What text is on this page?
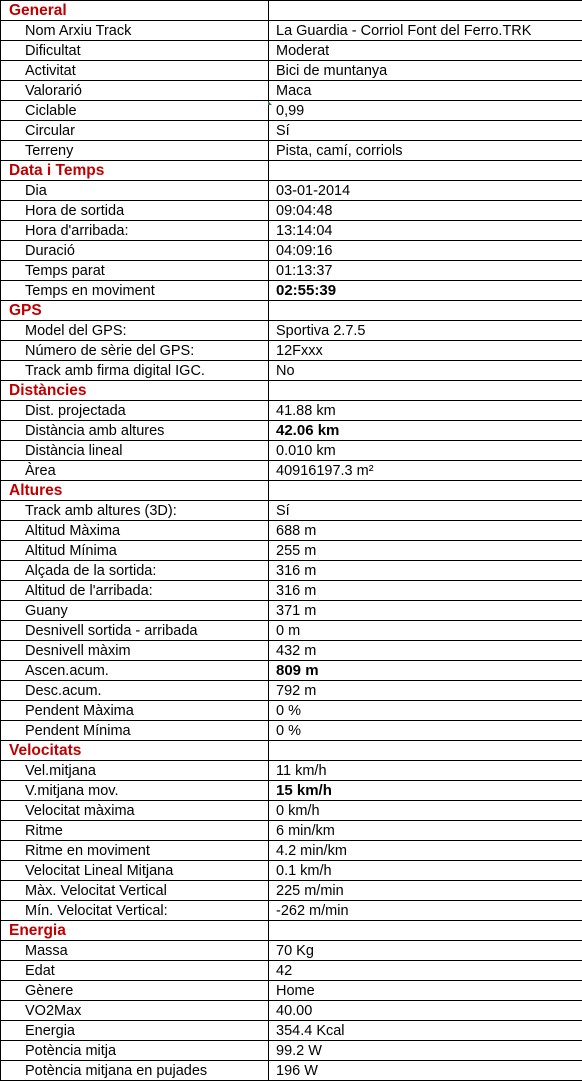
General	
Nom Arxiu Track	La Guardia - Corriol Font del Ferro.TRK
Dificultat	Moderat
Activitat	Bici de muntanya
Valorarió	Maca
Ciclable	0,99
Circular	Sí
Terreny	Pista, camí, corriols
Data i Temps	
Dia	03-01-2014
Hora de sortida	09:04:48
Hora d'arribada:	13:14:04
Duració	04:09:16
Temps parat	01:13:37
Temps en moviment	02:55:39
GPS	
Model del GPS:	Sportiva 2.7.5
Número de sèrie del GPS:	12Fxxx
Track amb firma digital IGC.	No
Distàncies	
Dist. projectada	41.88 km
Distància amb altures	42.06 km
Distància lineal	0.010 km
Àrea	40916197.3 m²
Altures	
Track amb altures (3D):	Sí
Altitud Màxima	688 m
Altitud Mínima	255 m
Alçada de la sortida:	316 m
Altitud de l'arribada:	316 m
Guany	371 m
Desnivell sortida - arribada	0 m
Desnivell màxim	432 m
Ascen.acum.	809 m
Desc.acum.	792 m
Pendent Màxima	0 %
Pendent Mínima	0 %
Velocitats	
Vel.mitjana	11 km/h
V.mitjana mov.	15 km/h
Velocitat màxima	0 km/h
Ritme	6 min/km
Ritme en moviment	4.2 min/km
Velocitat Lineal Mitjana	0.1 km/h
Màx. Velocitat Vertical	225 m/min
Mín. Velocitat Vertical:	-262 m/min
Energia	
Massa	70 Kg
Edat	42
Gènere	Home
VO2Max	40.00
Energia	354.4 Kcal
Potència mitja	99.2 W
Potència mitjana en pujades	196 W
